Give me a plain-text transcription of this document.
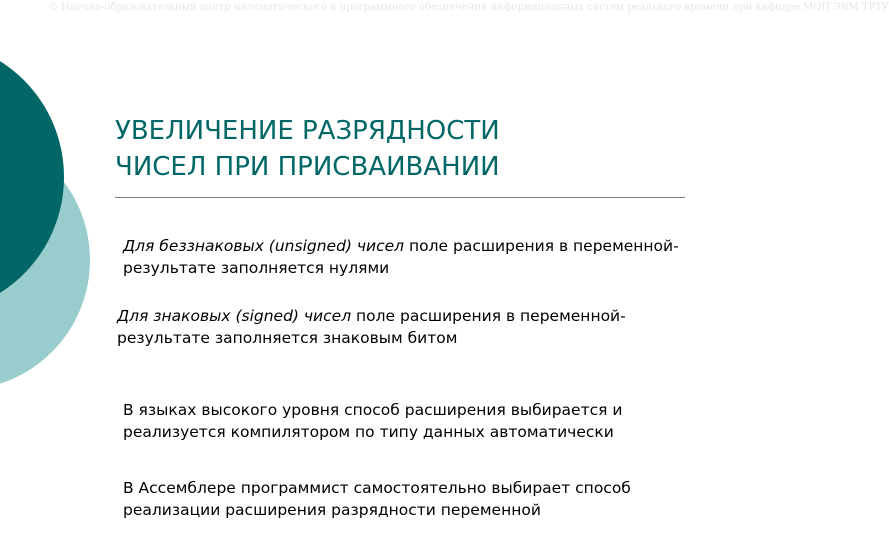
© Научно-образовательный центр математического и программного обеспечения информационных систем реального времени при кафедре МОП ЭВМ ТРТУ
УВЕЛИЧЕНИЕ РАЗРЯДНОСТИ
ЧИСЕЛ ПРИ ПРИСВАИВАНИИ

Для беззнаковых (unsigned) чисел поле расширения в переменной-результате заполняется нулями

Для знаковых (signed) чисел поле расширения в переменной-результате заполняется знаковым битом

В языках высокого уровня способ расширения выбирается и реализуется компилятором по типу данных автоматически

В Ассемблере программист самостоятельно выбирает способ реализации расширения разрядности переменной
